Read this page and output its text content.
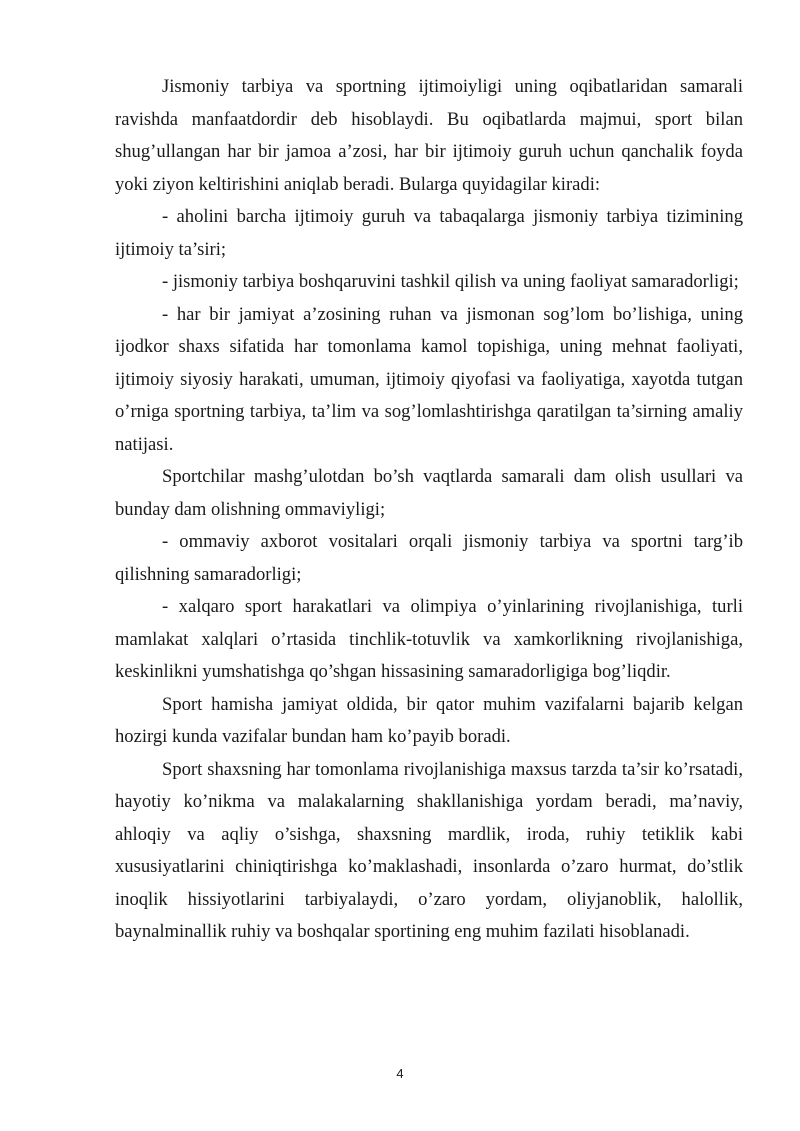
Jismoniy tarbiya va sportning ijtimoiyligi uning oqibatlaridan samarali ravishda manfaatdordir deb hisoblaydi. Bu oqibatlarda majmui, sport bilan shug’ullangan har bir jamoa a’zosi, har bir ijtimoiy guruh uchun qanchalik foyda yoki ziyon keltirishini aniqlab beradi. Bularga quyidagilar kiradi:

- aholini barcha ijtimoiy guruh va tabaqalarga jismoniy tarbiya tizimining ijtimoiy ta’siri;

- jismoniy tarbiya boshqaruvini tashkil qilish va uning faoliyat samaradorligi;

- har bir jamiyat a’zosining ruhan va jismonan sog’lom bo’lishiga, uning ijodkor shaxs sifatida har tomonlama kamol topishiga, uning mehnat faoliyati, ijtimoiy siyosiy harakati, umuman, ijtimoiy qiyofasi va faoliyatiga, xayotda tutgan o’rniga sportning tarbiya, ta’lim va sog’lomlashtirishga qaratilgan ta’sirning amaliy natijasi.

Sportchilar mashg’ulotdan bo’sh vaqtlarda samarali dam olish usullari va bunday dam olishning ommaviyligi;

- ommaviy axborot vositalari orqali jismoniy tarbiya va sportni targ’ib qilishning samaradorligi;

- xalqaro sport harakatlari va olimpiya o’yinlarining rivojlanishiga, turli mamlakat xalqlari o’rtasida tinchlik-totuvlik va xamkorlikning rivojlanishiga, keskinlikni yumshatishga qo’shgan hissasining samaradorligiga bog’liqdir.

Sport hamisha jamiyat oldida, bir qator muhim vazifalarni bajarib kelgan hozirgi kunda vazifalar bundan ham ko’payib boradi.

Sport shaxsning har tomonlama rivojlanishiga maxsus tarzda ta’sir ko’rsatadi, hayotiy ko’nikma va malakalarning shakllanishiga yordam beradi, ma’naviy, ahloqiy va aqliy o’sishga, shaxsning mardlik, iroda, ruhiy tetiklik kabi xususiyatlarini chiniqtirishga ko’maklashadi, insonlarda o’zaro hurmat, do’stlik inoqlik hissiyotlarini tarbiyalaydi, o’zaro yordam, oliyjanoblik, halollik, baynalminallik ruhiy va boshqalar sportining eng muhim fazilati hisoblanadi.

4
